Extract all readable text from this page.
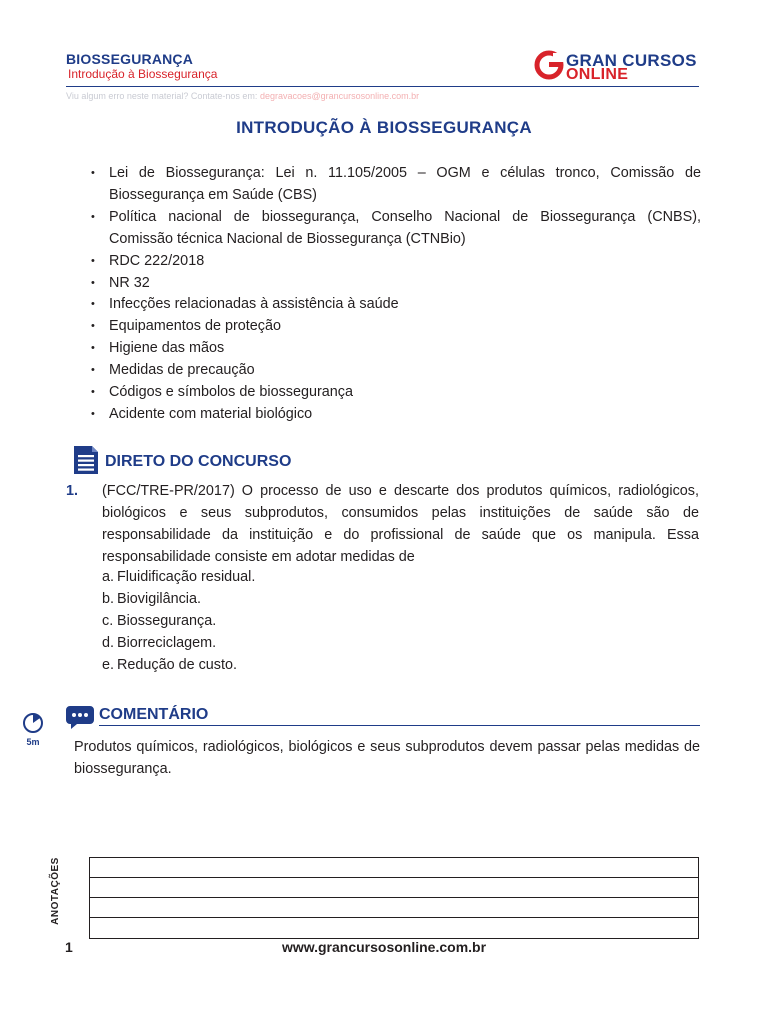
BIOSSEGURANÇA
Introdução à Biossegurança
GRAN CURSOS
ONLINE
Viu algum erro neste material? Contate-nos em: degravacoes@grancursosonline.com.br
INTRODUÇÃO À BIOSSEGURANÇA
• Lei de Biossegurança: Lei n. 11.105/2005 – OGM e células tronco, Comissão de Biossegurança em Saúde (CBS)
• Política nacional de biossegurança, Conselho Nacional de Biossegurança (CNBS), Comissão técnica Nacional de Biossegurança (CTNBio)
• RDC 222/2018
• NR 32
• Infecções relacionadas à assistência à saúde
• Equipamentos de proteção
• Higiene das mãos
• Medidas de precaução
• Códigos e símbolos de biossegurança
• Acidente com material biológico
DIRETO DO CONCURSO
1. (FCC/TRE-PR/2017) O processo de uso e descarte dos produtos químicos, radiológicos, biológicos e seus subprodutos, consumidos pelas instituições de saúde são de responsabilidade da instituição e do profissional de saúde que os manipula. Essa responsabilidade consiste em adotar medidas de

a. Fluidificação residual.
b. Biovigilância.
c. Biossegurança.
d. Biorreciclagem.
e. Redução de custo.
5m
COMENTÁRIO

Produtos químicos, radiológicos, biológicos e seus subprodutos devem passar pelas medidas de biossegurança.

ANOTAÇÕES
1	www.grancursosonline.com.br
